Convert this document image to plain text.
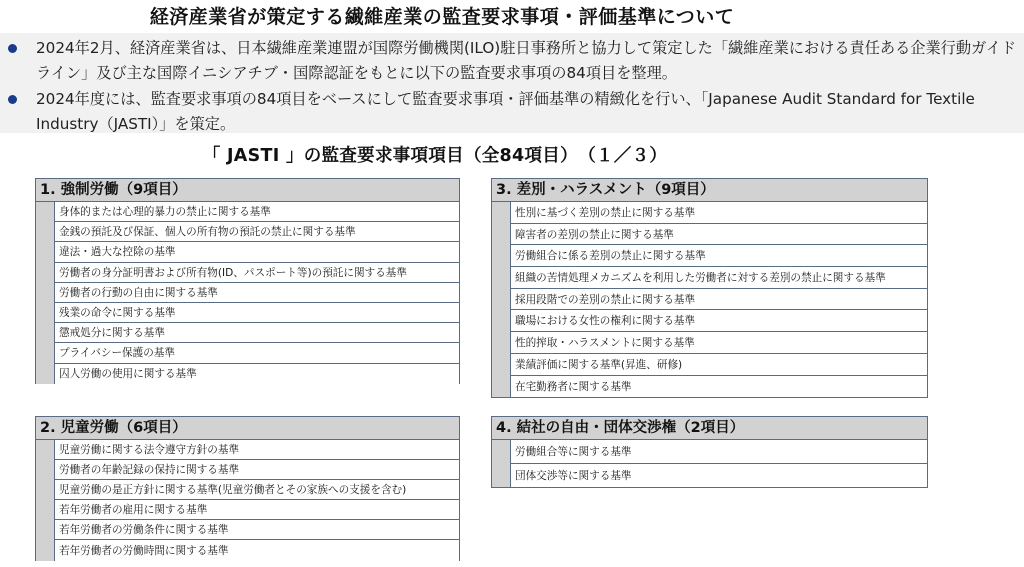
経済産業省が策定する繊維産業の監査要求事項・評価基準について
2024年2月、経済産業省は、日本繊維産業連盟が国際労働機関(ILO)駐日事務所と協力して策定した「繊維産業における責任ある企業行動ガイドライン」及び主な国際イニシアチブ・国際認証をもとに以下の監査要求事項の84項目を整理。
2024年度には、監査要求事項の84項目をベースにして監査要求事項・評価基準の精緻化を行い、「Japanese Audit Standard for Textile Industry（JASTI）」を策定。
「 JASTI 」の監査要求事項項目（全84項目）　（１／３）
1. 強制労働（9項目）
身体的または心理的暴力の禁止に関する基準
金銭の預託及び保証、個人の所有物の預託の禁止に関する基準
違法・過大な控除の基準
労働者の身分証明書および所有物(ID、パスポート等)の預託に関する基準
労働者の行動の自由に関する基準
残業の命令に関する基準
懲戒処分に関する基準
プライバシー保護の基準
囚人労働の使用に関する基準
2. 児童労働（6項目）
児童労働に関する法令遵守方針の基準
労働者の年齢記録の保持に関する基準
児童労働の是正方針に関する基準(児童労働者とその家族への支援を含む)
若年労働者の雇用に関する基準
若年労働者の労働条件に関する基準
若年労働者の労働時間に関する基準
3. 差別・ハラスメント（9項目）
性別に基づく差別の禁止に関する基準
障害者の差別の禁止に関する基準
労働組合に係る差別の禁止に関する基準
組織の苦情処理メカニズムを利用した労働者に対する差別の禁止に関する基準
採用段階での差別の禁止に関する基準
職場における女性の権利に関する基準
性的搾取・ハラスメントに関する基準
業績評価に関する基準(昇進、研修)
在宅勤務者に関する基準
4. 結社の自由・団体交渉権（2項目）
労働組合等に関する基準
団体交渉等に関する基準
